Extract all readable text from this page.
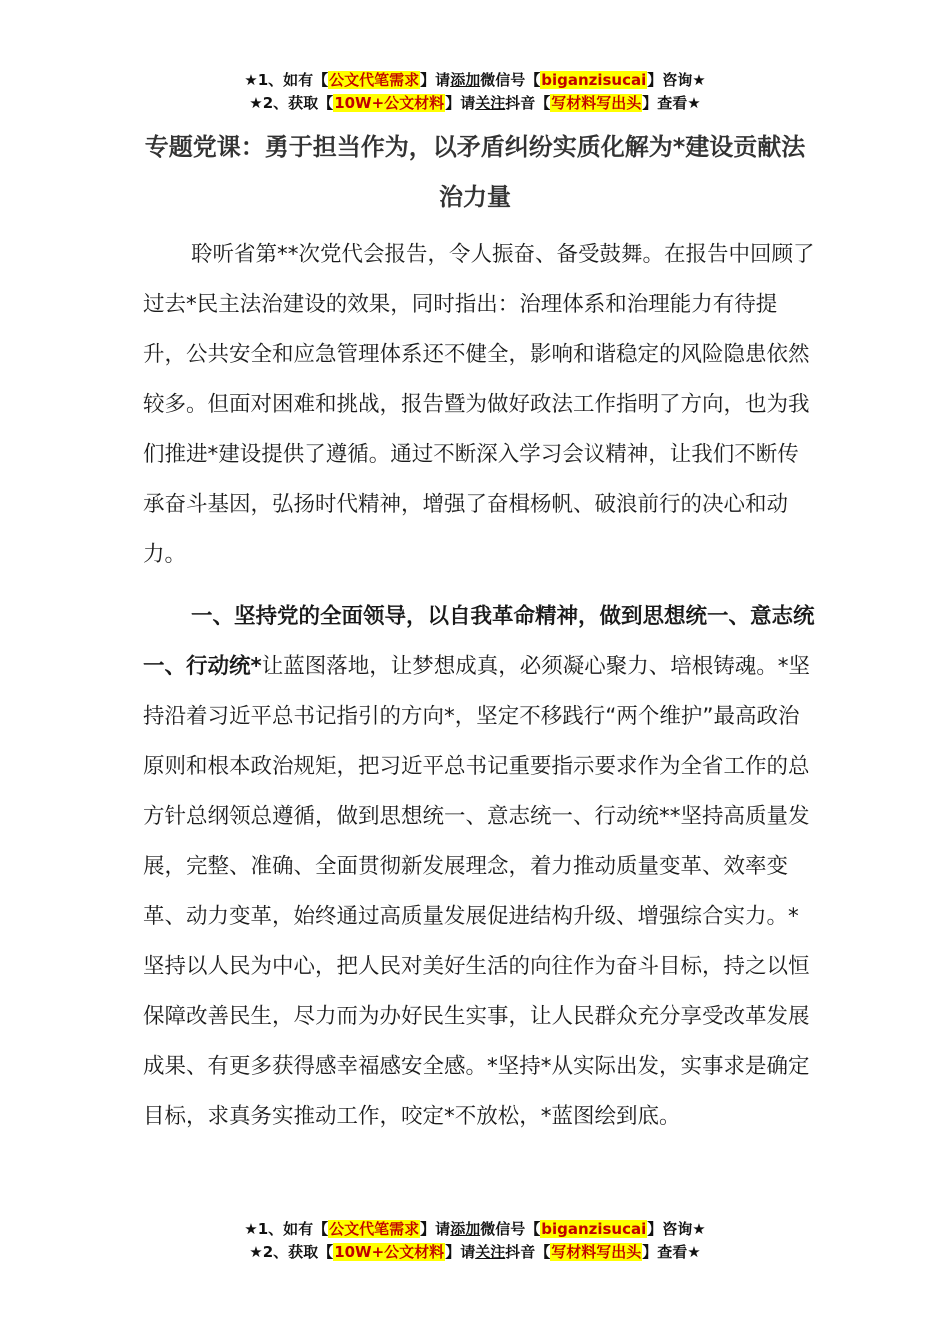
★1、如有【公文代笔需求】请添加微信号【biganzisucai】咨询★
★2、获取【10W+公文材料】请关注抖音【写材料写出头】查看★
专题党课：勇于担当作为，以矛盾纠纷实质化解为*建设贡献法治力量
聆听省第**次党代会报告，令人振奋、备受鼓舞。在报告中回顾了过去*民主法治建设的效果，同时指出：治理体系和治理能力有待提升，公共安全和应急管理体系还不健全，影响和谐稳定的风险隐患依然较多。但面对困难和挑战，报告暨为做好政法工作指明了方向，也为我们推进*建设提供了遵循。通过不断深入学习会议精神，让我们不断传承奋斗基因，弘扬时代精神，增强了奋楫杨帆、破浪前行的决心和动力。
一、坚持党的全面领导，以自我革命精神，做到思想统一、意志统一、行动统*让蓝图落地，让梦想成真，必须凝心聚力、培根铸魂。*坚持沿着习近平总书记指引的方向*，坚定不移践行“两个维护”最高政治原则和根本政治规矩，把习近平总书记重要指示要求作为全省工作的总方针总纲领总遵循，做到思想统一、意志统一、行动统**坚持高质量发展，完整、准确、全面贯彻新发展理念，着力推动质量变革、效率变革、动力变革，始终通过高质量发展促进结构升级、增强综合实力。*坚持以人民为中心，把人民对美好生活的向往作为奋斗目标，持之以恒保障改善民生，尽力而为办好民生实事，让人民群众充分享受改革发展成果、有更多获得感幸福感安全感。*坚持*从实际出发，实事求是确定目标，求真务实推动工作，咬定*不放松，*蓝图绘到底。
★1、如有【公文代笔需求】请添加微信号【biganzisucai】咨询★
★2、获取【10W+公文材料】请关注抖音【写材料写出头】查看★
